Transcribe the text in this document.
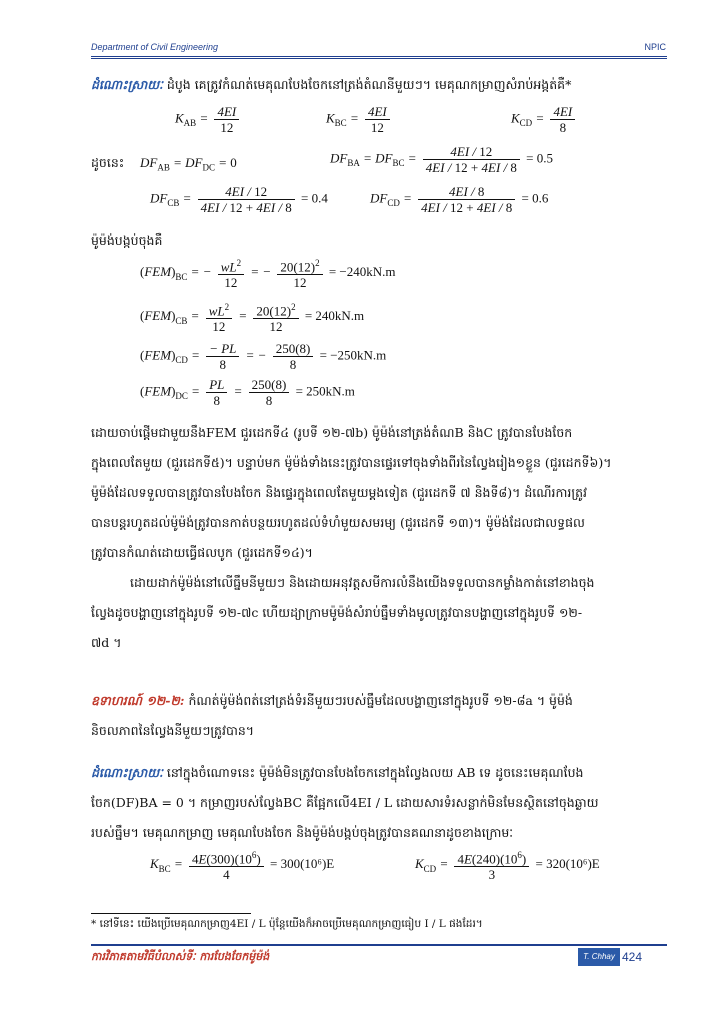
Department of Civil Engineering	NPIC
ដំណោះស្រាយៈ ដំបូង គេត្រូវកំណត់មេគុណបែងចែកនៅត្រង់តំណនីមួយៗ។ មេគុណកម្រាញសំរាប់អង្កត់គឺ*
$K_{AB} = \frac{4EI}{12}$	$K_{BC} = \frac{4EI}{12}$	$K_{CD} = \frac{4EI}{8}$
ដូចនេះ	$DF_{AB} = DF_{DC} = 0$	$DF_{BA} = DF_{BC} = \frac{4EI / 12}{4EI / 12 + 4EI / 8} = 0.5$
$DF_{CB} = \frac{4EI / 12}{4EI / 12 + 4EI / 8} = 0.4$	$DF_{CD} = \frac{4EI / 8}{4EI / 12 + 4EI / 8} = 0.6$
ម៉ូម៉ង់បង្កប់ចុងគឺ
$(FEM)_{BC}$ = − $\frac{wL^2}{12}$ = − $\frac{20(12)^2}{12} = -240kN.m$
$(FEM)_{CB} = \frac{wL^2}{12} = \frac{20(12)^2}{12} = 240kN.m$
$(FEM)_{CD} = \frac{- PL}{8}$ = − $\frac{250(8)}{8} = -250kN.m$
$(FEM)_{DC} = \frac{PL}{8} = \frac{250(8)}{8} = 250kN.m$
ដោយចាប់ផ្ដើមជាមួយនឹងFEM ជួរដេកទី៤ (រូបទី ១២-៧b) ម៉ូម៉ង់នៅត្រង់តំណB និងC ត្រូវបានបែងចែក
ក្នុងពេលតែមួយ (ជួរដេកទី៥)។ បន្ទាប់មក ម៉ូម៉ង់ទាំងនេះត្រូវបានផ្ទេរទៅចុងទាំងពីរនៃល្វែងរៀង១ខ្លួន (ជួរដេកទី៦)។
ម៉ូម៉ង់ដែលទទួលបានត្រូវបានបែងចែក និងផ្ទេរក្នុងពេលតែមួយម្ដងទៀត (ជួរដេកទី ៧ និងទី៨)។ ដំណើរការត្រូវ
បានបន្តរហូតដល់ម៉ូម៉ង់ត្រូវបានកាត់បន្ថយរហូតដល់ទំហំមួយសមរម្យ (ជួរដេកទី ១៣)។ ម៉ូម៉ង់ដែលជាលទ្ធផល
ត្រូវបានកំណត់ដោយធ្វើផលបូក (ជួរដេកទី១៤)។
ដោយដាក់ម៉ូម៉ង់នៅលើធ្នឹមនីមួយៗ និងដោយអនុវត្តសមីការលំនឹងយើងទទួលបានកម្លាំងកាត់នៅខាងចុង
ល្វែងដូចបង្ហាញនៅក្នុងរូបទី ១២-៧c ហើយដ្យាក្រាមម៉ូម៉ង់សំរាប់ធ្នឹមទាំងមូលត្រូវបានបង្ហាញនៅក្នុងរូបទី ១២-
៧d ។
ឧទាហរណ៍ ១២-២: កំណត់ម៉ូម៉ង់ពត់នៅត្រង់ទំរនីមួយៗរបស់ធ្នឹមដែលបង្ហាញនៅក្នុងរូបទី ១២-៨a ។ ម៉ូម៉ង់
និចលភាពនៃល្វែងនីមួយៗត្រូវបាន។
ដំណោះស្រាយៈ នៅក្នុងចំណោទនេះ ម៉ូម៉ង់មិនត្រូវបានបែងចែកនៅក្នុងល្វែងលយ AB ទេ ដូចនេះមេគុណបែង
ចែក(DF)BA = 0 ។ កម្រាញរបស់ល្វែងBC គឺផ្អែកលើ4EI / L ដោយសារទំរសន្លាក់មិនមែនស្ថិតនៅចុងឆ្ងាយ
របស់ធ្នឹម។ មេគុណកម្រាញ មេគុណបែងចែក និងម៉ូម៉ង់បង្កប់ចុងត្រូវបានគណនាដូចខាងក្រោមៈ
$K_{BC} = \frac{4E(300)(10^6)}{4} = 300(10^6)E$	$K_{CD} = \frac{4E(240)(10^6)}{3} = 320(10^6)E$
* នៅទីនេះ យើងប្រើមេគុណកម្រាញ4EI / L ប៉ុន្តែយើងក៏អាចប្រើមេគុណកម្រាញធៀប I / L ផងដែរ។
ការវិភាគតាមវិធីបំលាស់ទីៈ ការបែងចែកម៉ូម៉ង់	T. Chhay 424
